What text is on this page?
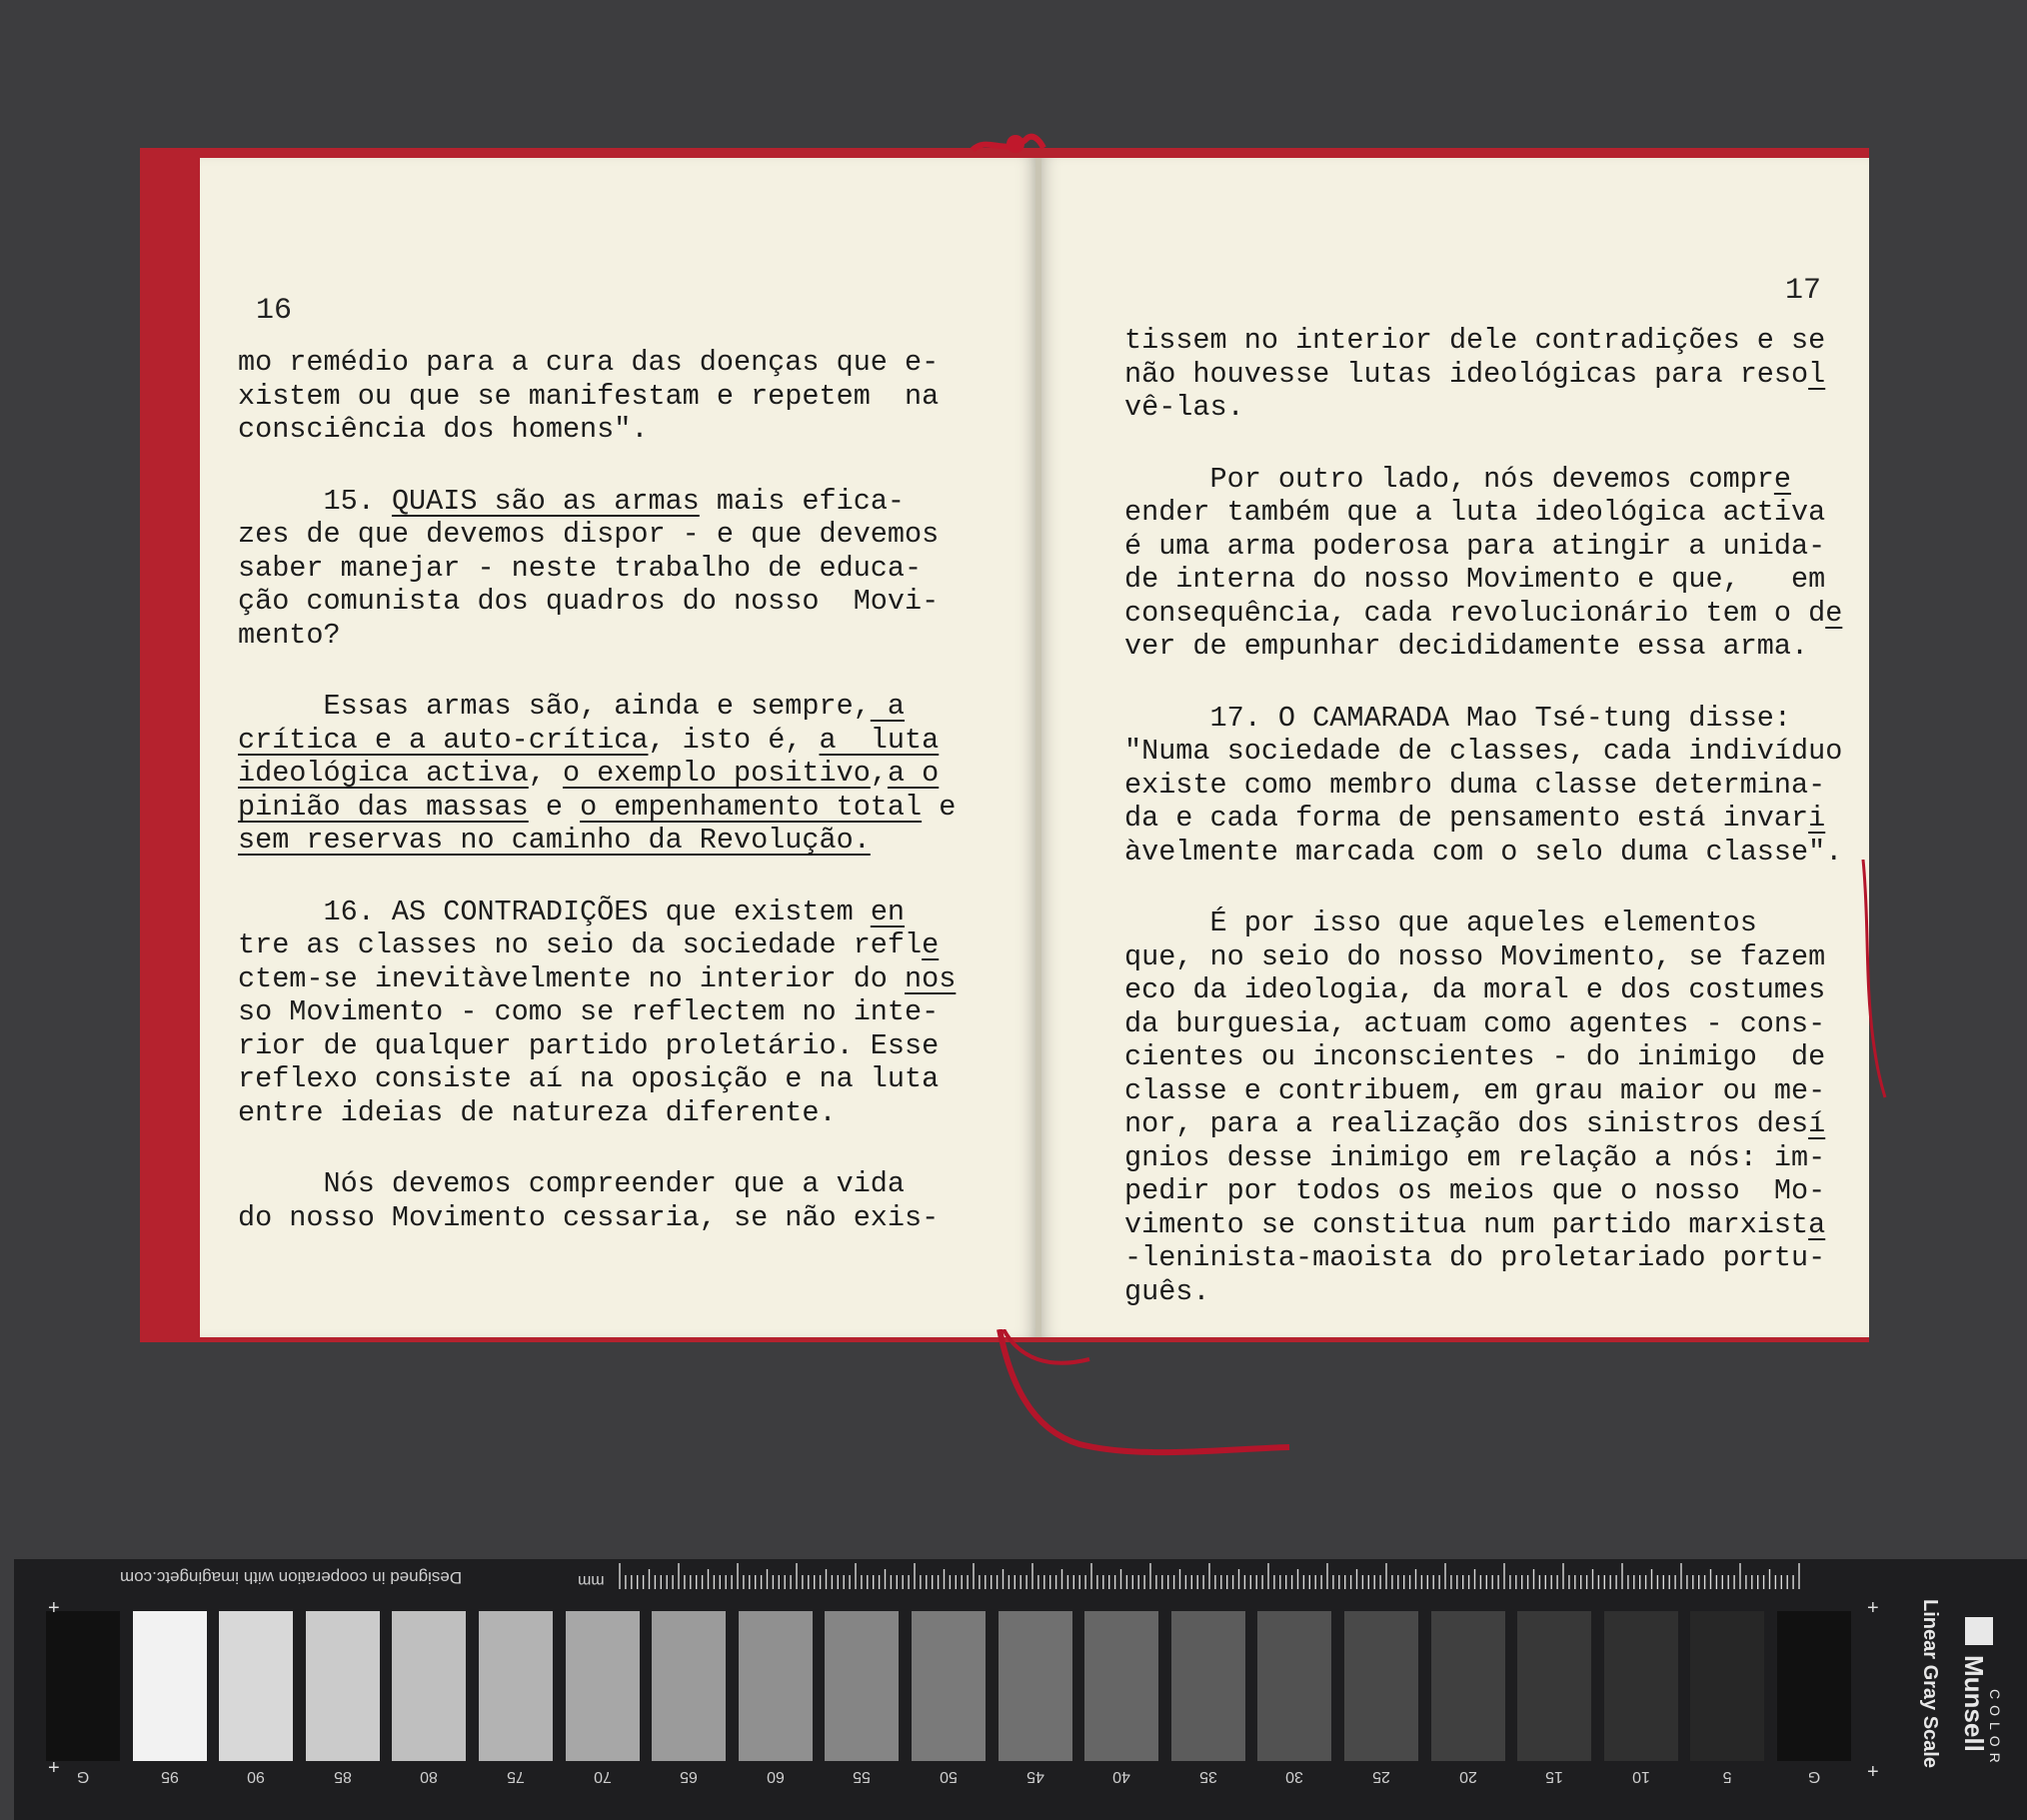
16
17

mo remédio para a cura das doenças que e-

xistem ou que se manifestam e repetem  na

consciência dos homens".

15. QUAIS são as armas mais efica-

zes de que devemos dispor - e que devemos

saber manejar - neste trabalho de educa-

ção comunista dos quadros do nosso  Movi-

mento?

Essas armas são, ainda e sempre, a

crítica e a auto-crítica, isto é, a  luta

ideológica activa, o exemplo positivo,a o

pinião das massas e o empenhamento total e

sem reservas no caminho da Revolução.

16. AS CONTRADIÇÕES que existem en

tre as classes no seio da sociedade refle

ctem-se inevitàvelmente no interior do nos

so Movimento - como se reflectem no inte-

rior de qualquer partido proletário. Esse

reflexo consiste aí na oposição e na luta

entre ideias de natureza diferente.

Nós devemos compreender que a vida

do nosso Movimento cessaria, se não exis-

tissem no interior dele contradições e se

não houvesse lutas ideológicas para resol

vê-las.

Por outro lado, nós devemos compre

ender também que a luta ideológica activa

é uma arma poderosa para atingir a unida-

de interna do nosso Movimento e que,   em

consequência, cada revolucionário tem o de

ver de empunhar decididamente essa arma.

17. O CAMARADA Mao Tsé-tung disse:

"Numa sociedade de classes, cada indivíduo

existe como membro duma classe determina-

da e cada forma de pensamento está invari

àvelmente marcada com o selo duma classe".

É por isso que aqueles elementos

que, no seio do nosso Movimento, se fazem

eco da ideologia, da moral e dos costumes

da burguesia, actuam como agentes - cons-

cientes ou inconscientes - do inimigo  de

classe e contribuem, em grau maior ou me-

nor, para a realização dos sinistros desí

gnios desse inimigo em relação a nós: im-

pedir por todos os meios que o nosso  Mo-

vimento se constitua num partido marxista

-leninista-maoista do proletariado portu-

guês.

Designed in cooperation with imagingetc.com	mm
G	95	90	85	80	75	70	65	60	55	50	45	40	35	30	25	20	15	10	5	G
+
+
+
+
Munsell
COLOR
Linear Gray Scale
